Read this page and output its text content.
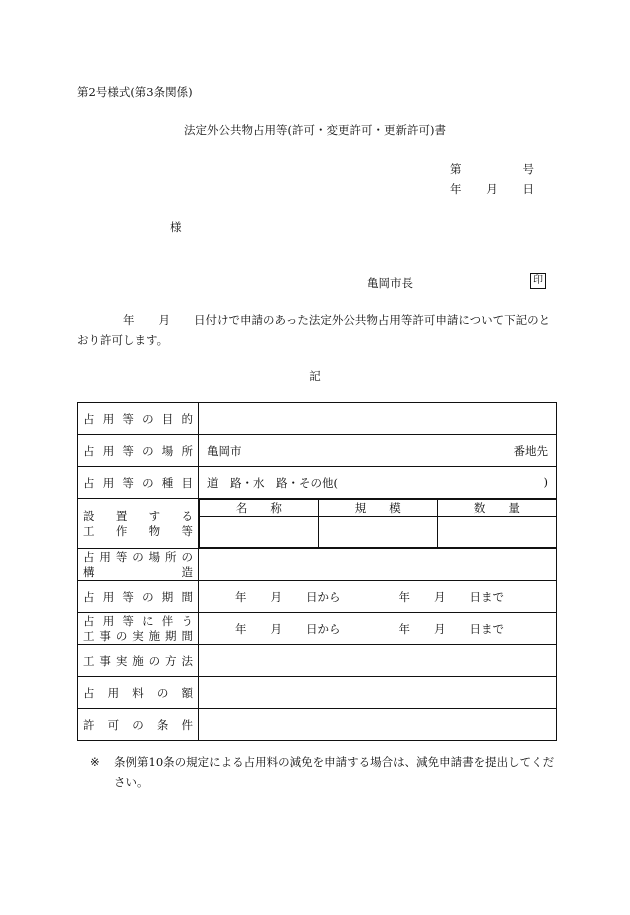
第2号様式(第3条関係)
法定外公共物占用等(許可・変更許可・更新許可)書
第	号
年 月 日
様
亀岡市長	印
年 月 日付けで申請のあった法定外公共物占用等許可申請について下記のとおり許可します。
記
占 用 等 の 目 的

占 用 等 の 場 所	亀岡市	番地先

占 用 等 の 種 目	道　路・水　路・その他(	)

設 置 す る
工 作 物 等

名　　称	規　　模	数　　量

占 用 等 の 場 所 の
構	造

占 用 等 の 期 間	年 月 日から	年 月 日まで

占 用 等 に 伴 う
工 事 の 実 施 期 間	年 月 日から	年 月 日まで

工 事 実 施 の 方 法

占 用 料 の 額

許 可 の 条 件

※ 条例第10条の規定による占用料の減免を申請する場合は、減免申請書を提出してください。
